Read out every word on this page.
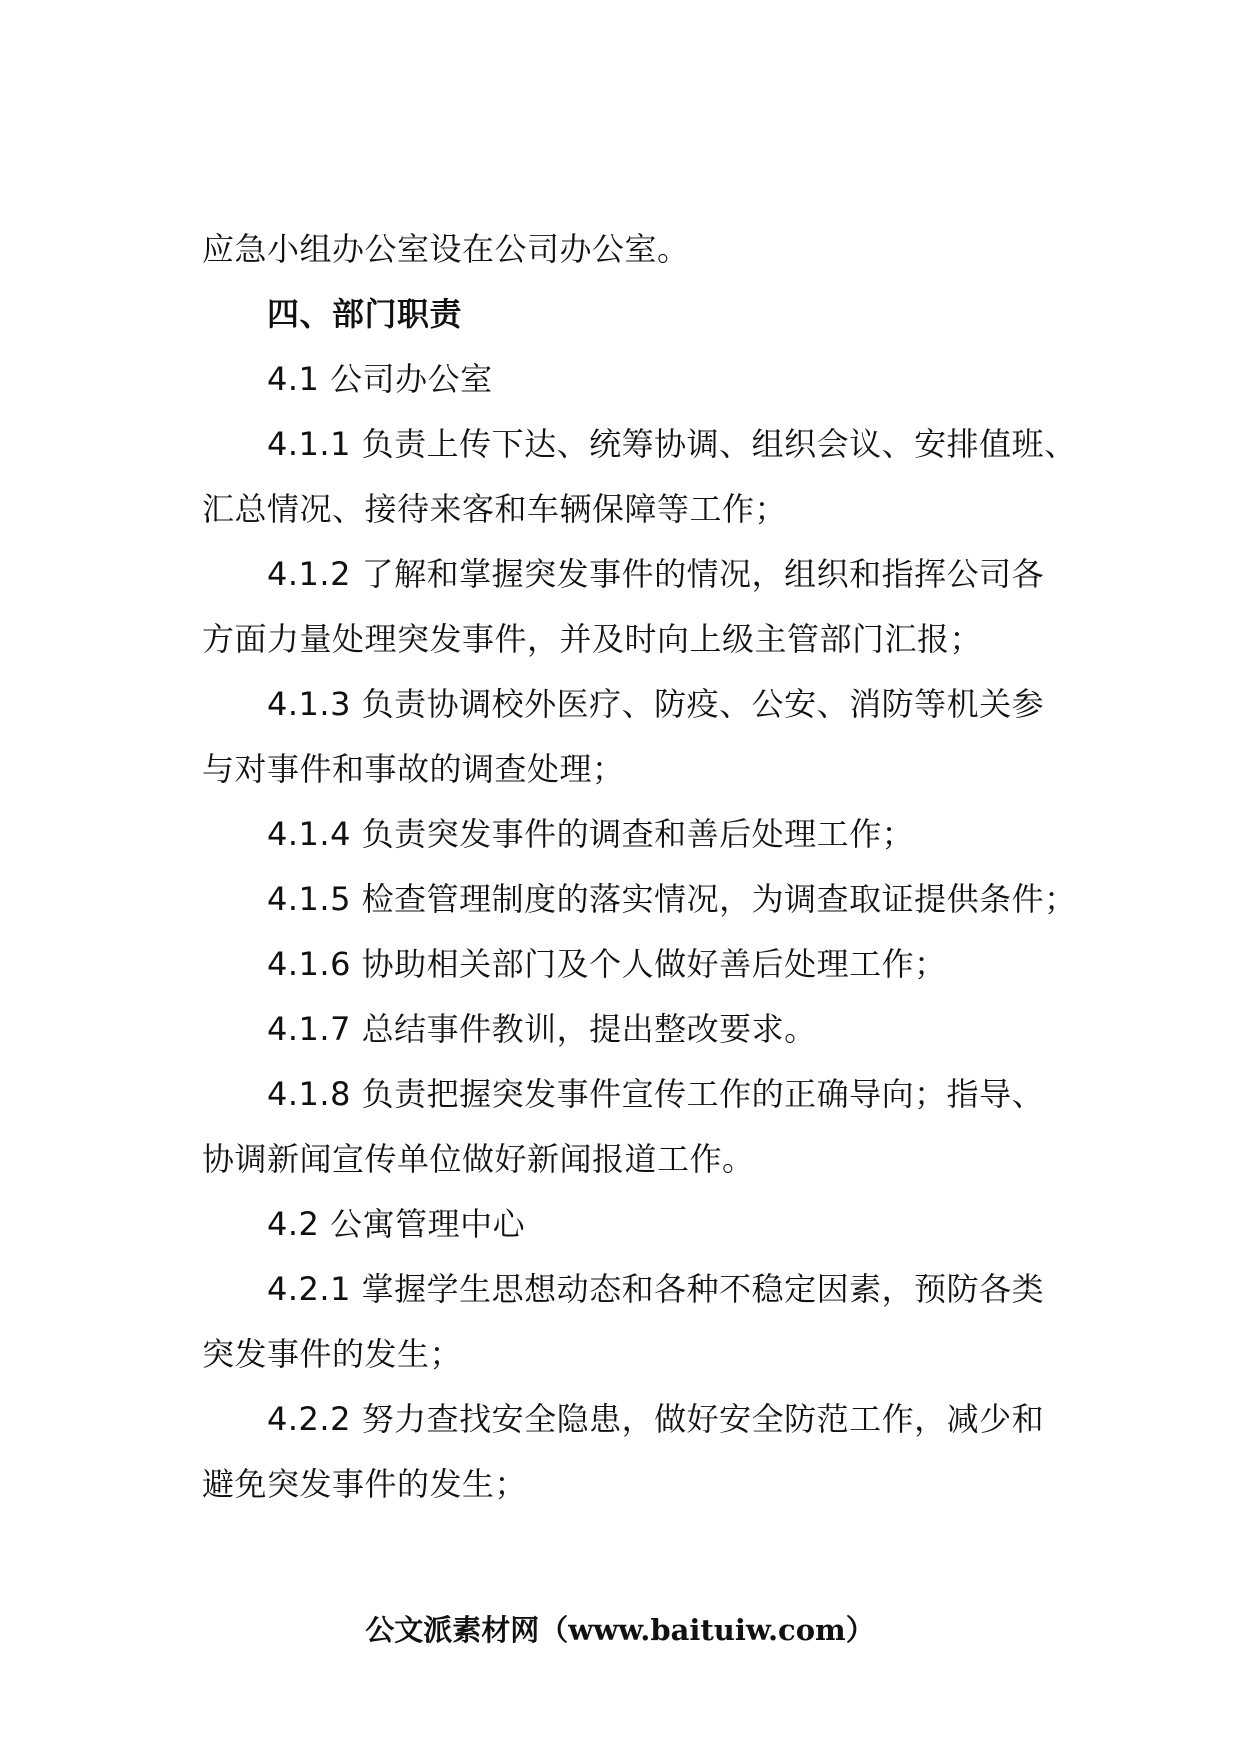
应急小组办公室设在公司办公室。
四、部门职责
4.1 公司办公室
4.1.1 负责上传下达、统筹协调、组织会议、安排值班、
汇总情况、接待来客和车辆保障等工作；
4.1.2 了解和掌握突发事件的情况，组织和指挥公司各
方面力量处理突发事件，并及时向上级主管部门汇报；
4.1.3 负责协调校外医疗、防疫、公安、消防等机关参
与对事件和事故的调查处理；
4.1.4 负责突发事件的调查和善后处理工作；
4.1.5 检查管理制度的落实情况，为调查取证提供条件；
4.1.6 协助相关部门及个人做好善后处理工作；
4.1.7 总结事件教训，提出整改要求。
4.1.8 负责把握突发事件宣传工作的正确导向；指导、
协调新闻宣传单位做好新闻报道工作。
4.2 公寓管理中心
4.2.1 掌握学生思想动态和各种不稳定因素，预防各类
突发事件的发生；
4.2.2 努力查找安全隐患，做好安全防范工作，减少和
避免突发事件的发生；
公文派素材网（www.baituiw.com）
